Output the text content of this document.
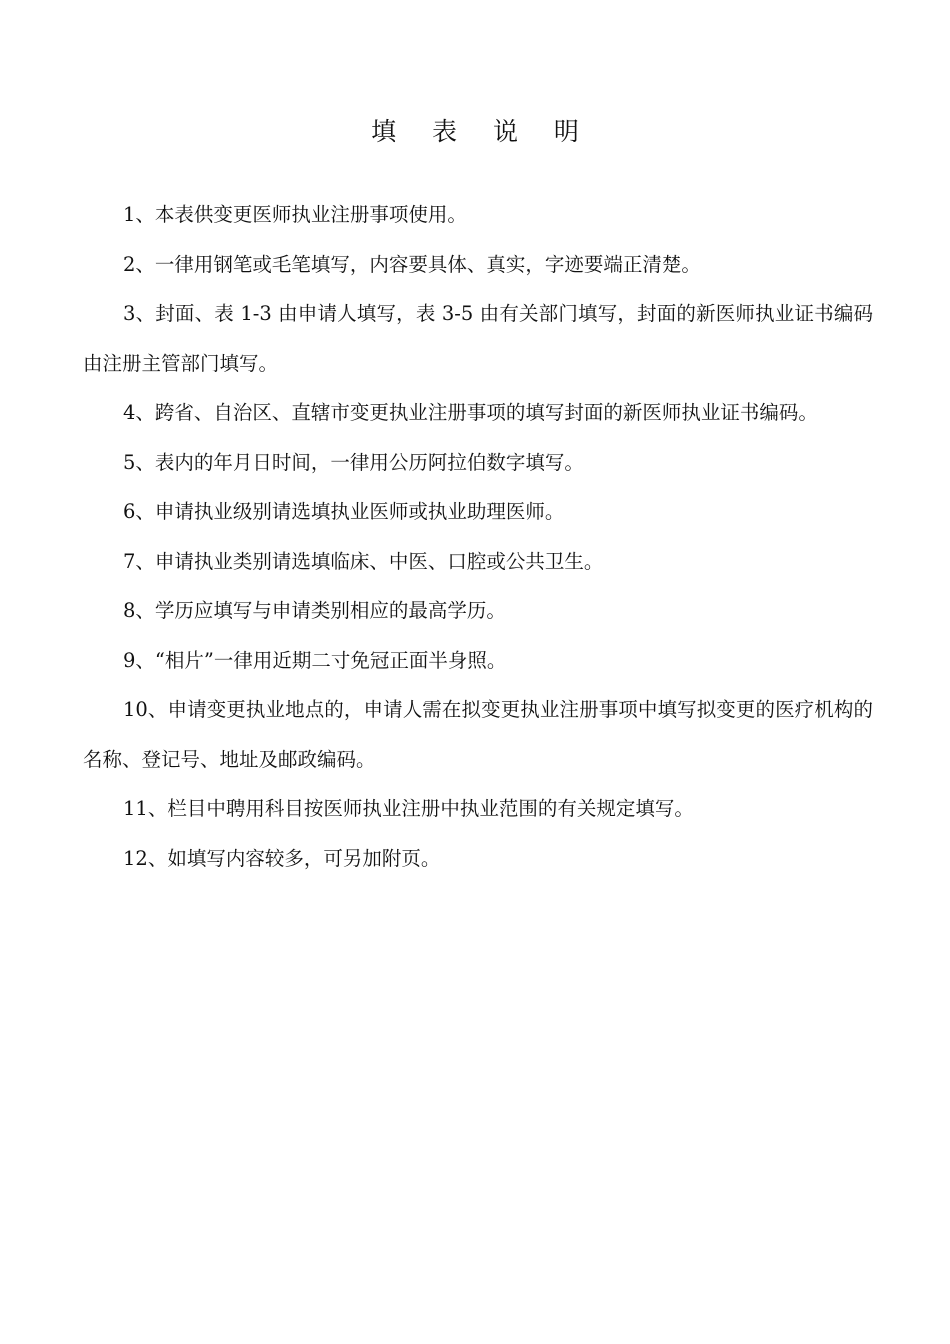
填 表 说 明
1、本表供变更医师执业注册事项使用。
2、一律用钢笔或毛笔填写，内容要具体、真实，字迹要端正清楚。
3、封面、表 1-3 由申请人填写，表 3-5 由有关部门填写，封面的新医师执业证书编码由注册主管部门填写。
4、跨省、自治区、直辖市变更执业注册事项的填写封面的新医师执业证书编码。
5、表内的年月日时间，一律用公历阿拉伯数字填写。
6、申请执业级别请选填执业医师或执业助理医师。
7、申请执业类别请选填临床、中医、口腔或公共卫生。
8、学历应填写与申请类别相应的最高学历。
9、“相片”一律用近期二寸免冠正面半身照。
10、申请变更执业地点的，申请人需在拟变更执业注册事项中填写拟变更的医疗机构的名称、登记号、地址及邮政编码。
11、栏目中聘用科目按医师执业注册中执业范围的有关规定填写。
12、如填写内容较多，可另加附页。
